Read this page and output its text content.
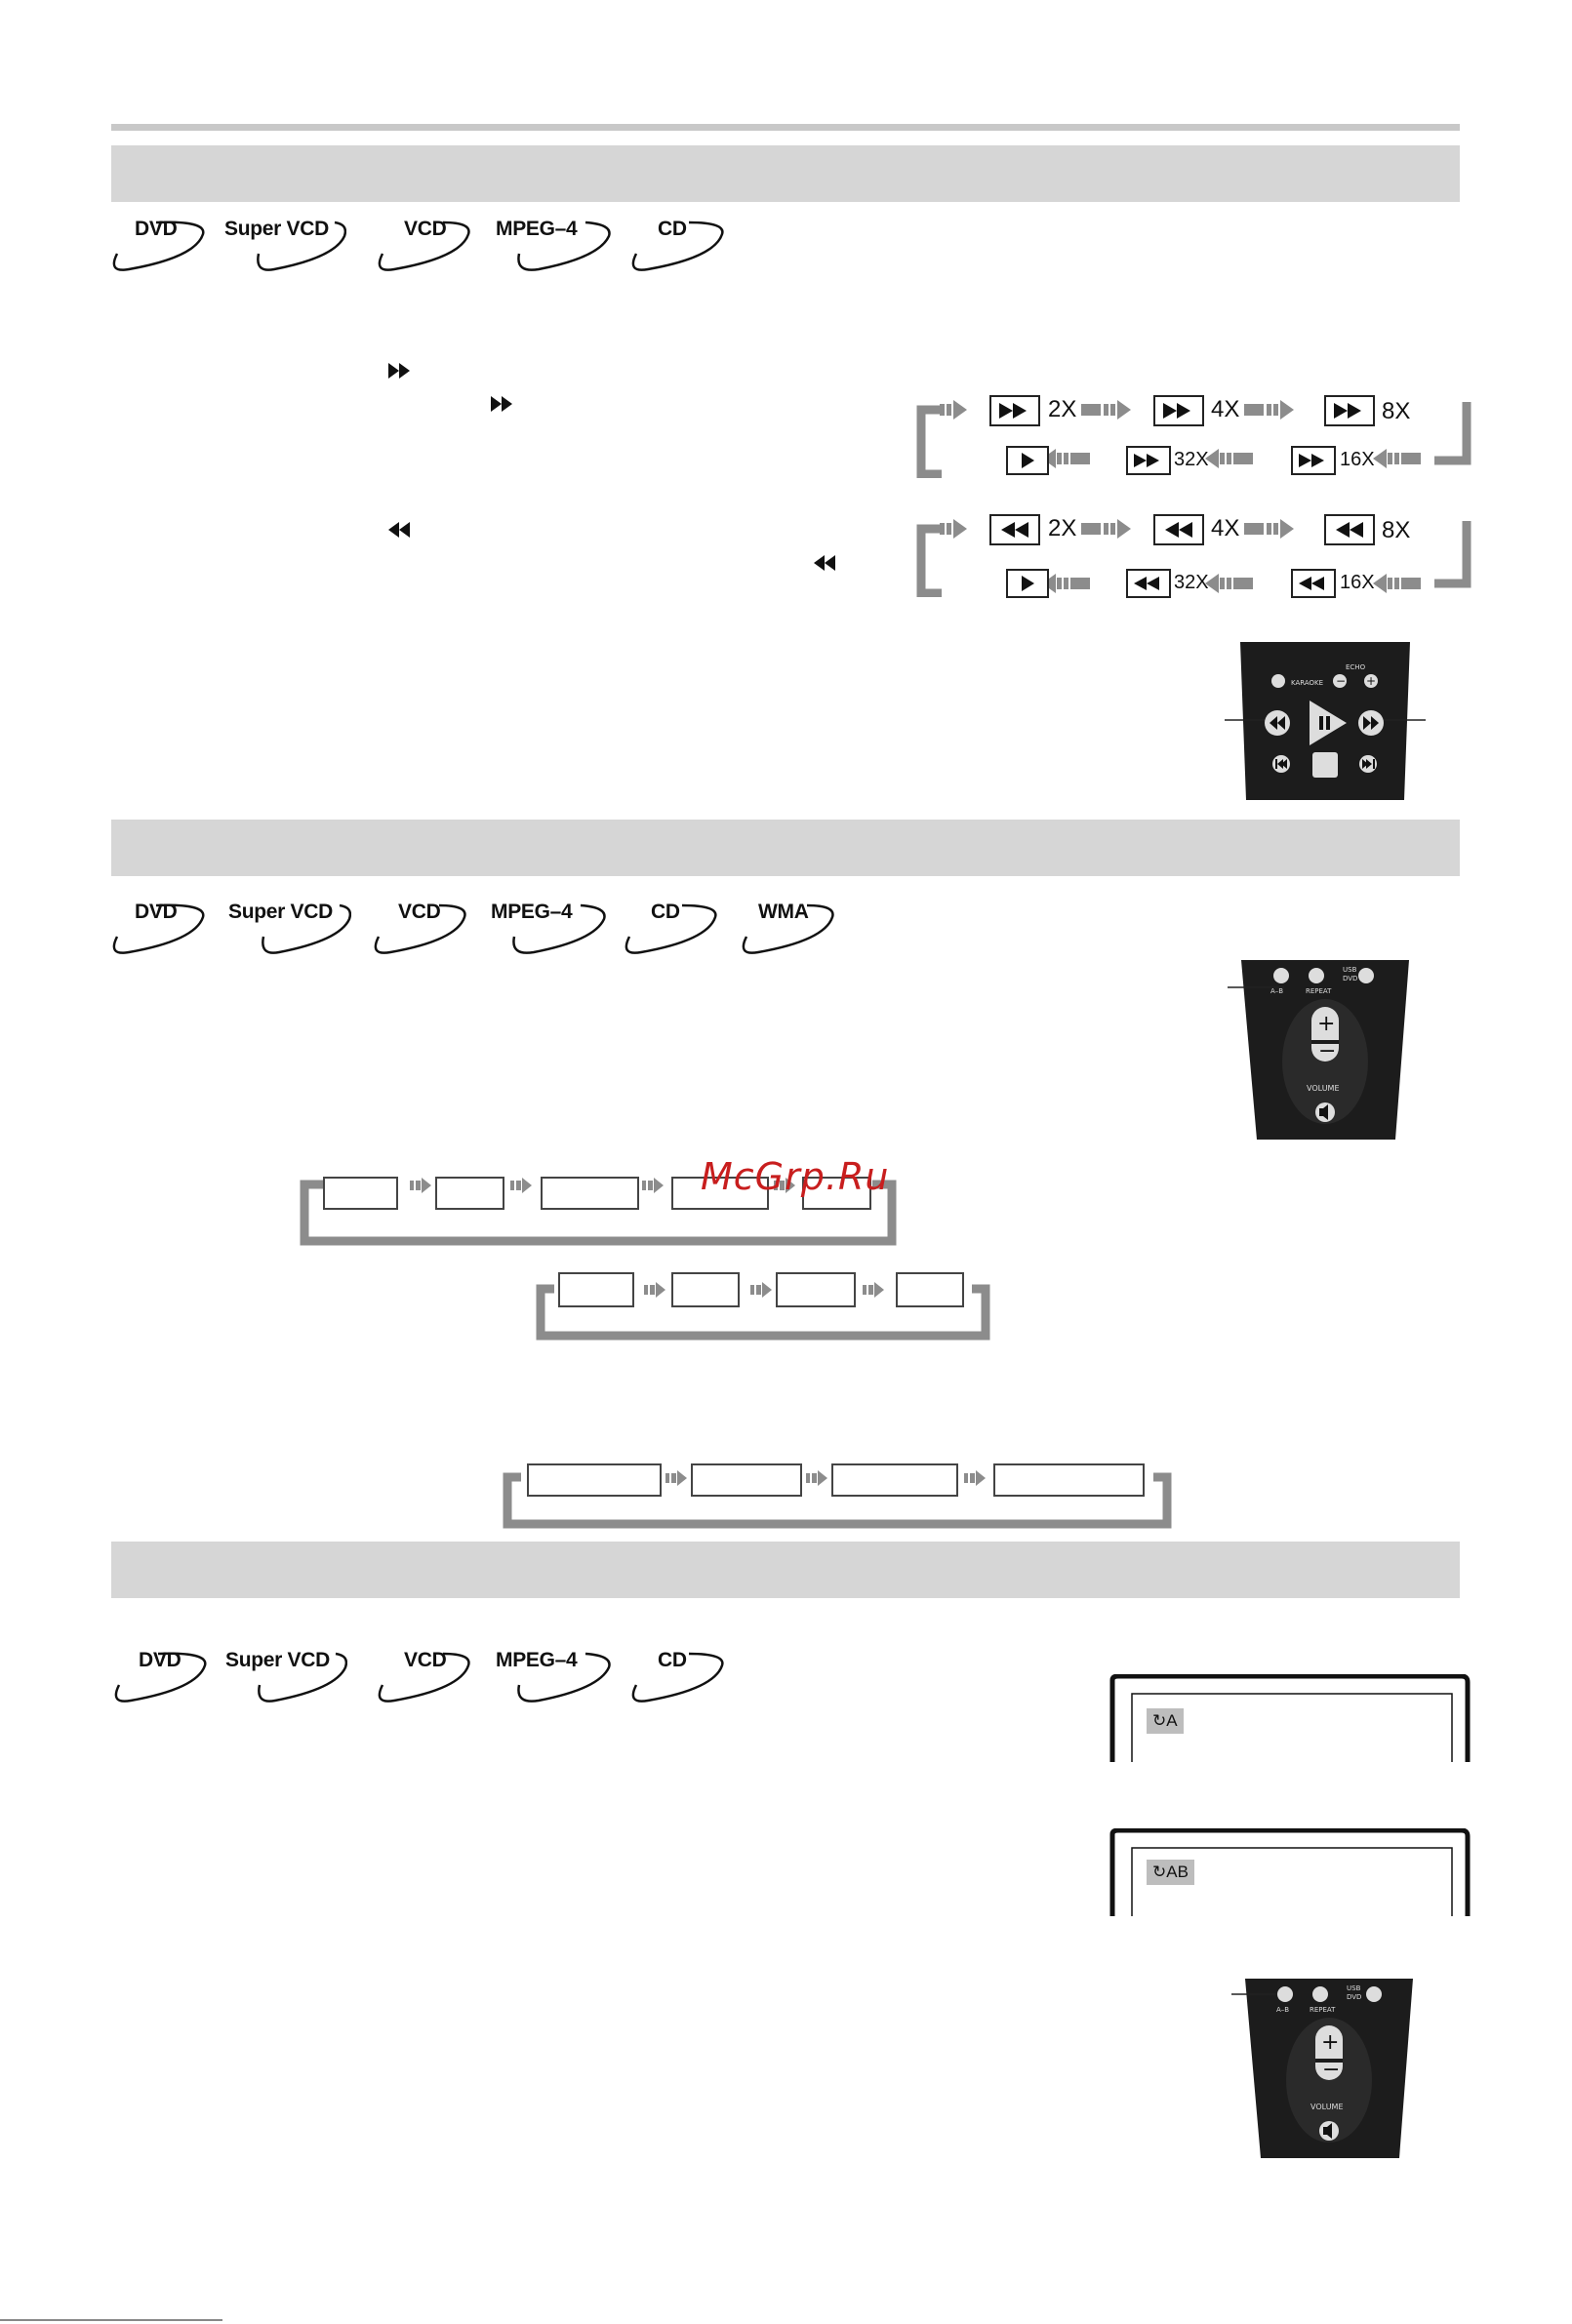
DVD Super VCD	VCD MPEG–4	CD
2X	4X	8X
32X	16X
2X	4X	8X
32X	16X
− +
KARAOKE
ECHO
DVD	Super VCD	VCD MPEG–4	CD	WMA
A–B	REPEAT
USB
DVD
+
−
VOLUME
McGrp.Ru
DVD Super VCD	VCD MPEG–4	CD
↻A
↻AB
A–B	REPEAT
USB
DVD
+
−
VOLUME
